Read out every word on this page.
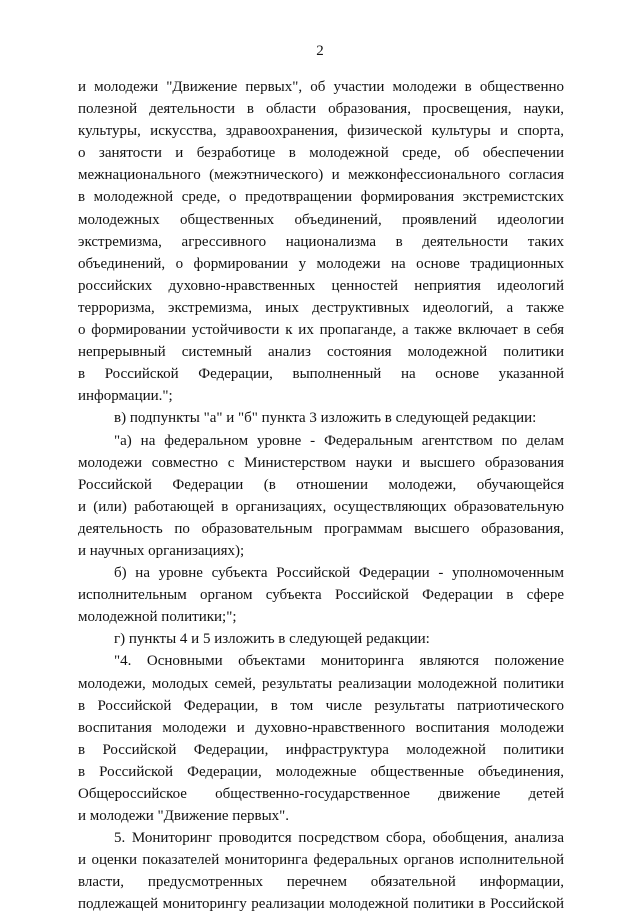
2
и молодежи "Движение первых", об участии молодежи в общественно
полезной деятельности в области образования, просвещения, науки,
культуры, искусства, здравоохранения, физической культуры и спорта,
о занятости и безработице в молодежной среде, об обеспечении
межнационального (межэтнического) и межконфессионального согласия
в молодежной среде, о предотвращении формирования экстремистских
молодежных общественных объединений, проявлений идеологии
экстремизма, агрессивного национализма в деятельности таких
объединений, о формировании у молодежи на основе традиционных
российских духовно-нравственных ценностей неприятия идеологий
терроризма, экстремизма, иных деструктивных идеологий, а также
о формировании устойчивости к их пропаганде, а также включает в себя
непрерывный системный анализ состояния молодежной политики
в Российской Федерации, выполненный на основе указанной
информации.";
в) подпункты "а" и "б" пункта 3 изложить в следующей редакции:
"а) на федеральном уровне - Федеральным агентством по делам
молодежи совместно с Министерством науки и высшего образования
Российской Федерации (в отношении молодежи, обучающейся
и (или) работающей в организациях, осуществляющих образовательную
деятельность по образовательным программам высшего образования,
и научных организациях);
б) на уровне субъекта Российской Федерации - уполномоченным
исполнительным органом субъекта Российской Федерации в сфере
молодежной политики;";
г) пункты 4 и 5 изложить в следующей редакции:
"4. Основными объектами мониторинга являются положение
молодежи, молодых семей, результаты реализации молодежной политики
в Российской Федерации, в том числе результаты патриотического
воспитания молодежи и духовно-нравственного воспитания молодежи
в Российской Федерации, инфраструктура молодежной политики
в Российской Федерации, молодежные общественные объединения,
Общероссийское общественно-государственное движение детей
и молодежи "Движение первых".
5. Мониторинг проводится посредством сбора, обобщения, анализа
и оценки показателей мониторинга федеральных органов исполнительной
власти, предусмотренных перечнем обязательной информации,
подлежащей мониторингу реализации молодежной политики в Российской
